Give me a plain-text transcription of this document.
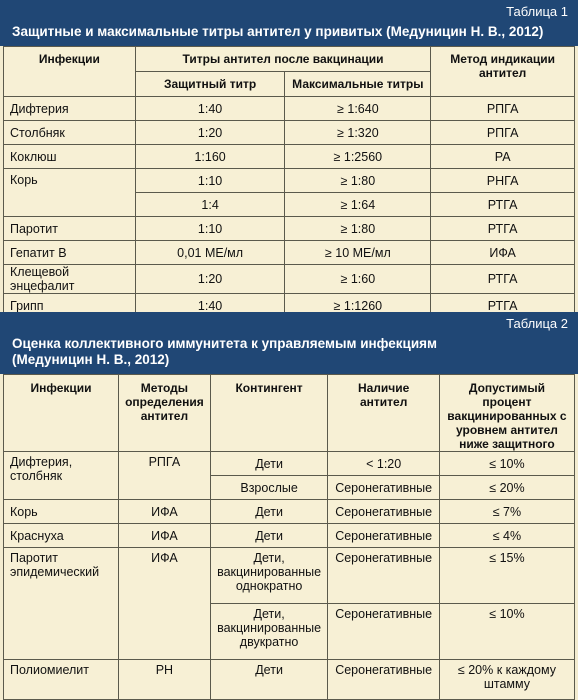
Таблица 1
Защитные и максимальные титры антител у привитых (Медуницин Н. В., 2012)
Инфекции	Титры антител после вакцинации		Метод индикации антител
	Защитный титр	Максимальные титры	
Дифтерия	1:40	≥ 1:640	РПГА
Столбняк	1:20	≥ 1:320	РПГА
Коклюш	1:160	≥ 1:2560	РА
Корь	1:10	≥ 1:80	РНГА
	1:4	≥ 1:64	РТГА
Паротит	1:10	≥ 1:80	РТГА
Гепатит В	0,01 МЕ/мл	≥ 10 МЕ/мл	ИФА
Клещевой энцефалит	1:20	≥ 1:60	РТГА
Грипп	1:40	≥ 1:1260	РТГА
Таблица 2
Оценка коллективного иммунитета к управляемым инфекциям
(Медуницин Н. В., 2012)
Инфекции	Методы определения антител	Контингент	Наличие антител	Допустимый процент вакцинированных с уровнем антител ниже защитного
Дифтерия, столбняк	РПГА	Дети	< 1:20	≤ 10%
		Взрослые	Серонегативные	≤ 20%
Корь	ИФА	Дети	Серонегативные	≤ 7%
Краснуха	ИФА	Дети	Серонегативные	≤ 4%
Паротит эпидемический	ИФА	Дети, вакцинированные однократно	Серонегативные	≤ 15%
		Дети, вакцинированные двукратно	Серонегативные	≤ 10%
Полиомиелит	РН	Дети	Серонегативные	≤ 20% к каждому штамму
